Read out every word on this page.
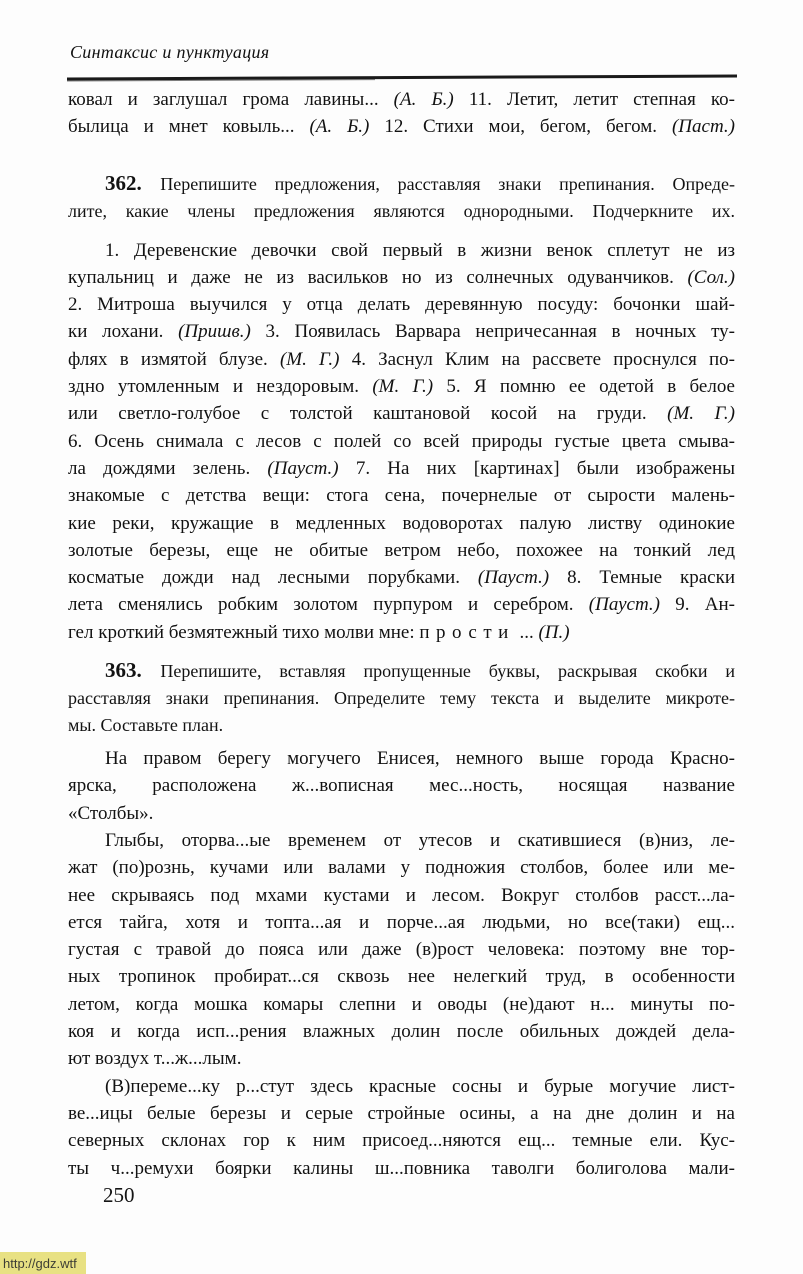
Синтаксис и пунктуация
ковал и заглушал грома лавины... (А. Б.) 11. Летит, летит степная ко-
былица и мнет ковыль... (А. Б.) 12. Стихи мои, бегом, бегом. (Паст.)
362. Перепишите предложения, расставляя знаки препинания. Опреде-
лите, какие члены предложения являются однородными. Подчеркните их.
1. Деревенские девочки свой первый в жизни венок сплетут не из
купальниц и даже не из васильков но из солнечных одуванчиков. (Сол.)
2. Митроша выучился у отца делать деревянную посуду: бочонки шай-
ки лохани. (Пришв.) 3. Появилась Варвара непричесанная в ночных ту-
флях в измятой блузе. (М. Г.) 4. Заснул Клим на рассвете проснулся по-
здно утомленным и нездоровым. (М. Г.) 5. Я помню ее одетой в белое
или светло-голубое с толстой каштановой косой на груди. (М. Г.)
6. Осень снимала с лесов с полей со всей природы густые цвета смыва-
ла дождями зелень. (Пауст.) 7. На них [картинах] были изображены
знакомые с детства вещи: стога сена, почернелые от сырости малень-
кие реки, кружащие в медленных водоворотах палую листву одинокие
золотые березы, еще не обитые ветром небо, похожее на тонкий лед
косматые дожди над лесными порубками. (Пауст.) 8. Темные краски
лета сменялись робким золотом пурпуром и серебром. (Пауст.) 9. Ан-
гел кроткий безмятежный тихо молви мне: прости ... (П.)
363. Перепишите, вставляя пропущенные буквы, раскрывая скобки и
расставляя знаки препинания. Определите тему текста и выделите микроте-
мы. Составьте план.
На правом берегу могучего Енисея, немного выше города Красно-
ярска, расположена ж...вописная мес...ность, носящая название
«Столбы».
Глыбы, оторва...ые временем от утесов и скатившиеся (в)низ, ле-
жат (по)рознь, кучами или валами у подножия столбов, более или ме-
нее скрываясь под мхами кустами и лесом. Вокруг столбов расст...ла-
ется тайга, хотя и топта...ая и порче...ая людьми, но все(таки) ещ...
густая с травой до пояса или даже (в)рост человека: поэтому вне тор-
ных тропинок пробират...ся сквозь нее нелегкий труд, в особенности
летом, когда мошка комары слепни и оводы (не)дают н... минуты по-
коя и когда исп...рения влажных долин после обильных дождей дела-
ют воздух т...ж...лым.
(В)переме...ку р...стут здесь красные сосны и бурые могучие лист-
ве...ицы белые березы и серые стройные осины, а на дне долин и на
северных склонах гор к ним присоед...няются ещ... темные ели. Кус-
ты ч...ремухи боярки калины ш...повника таволги болиголова мали-
250
http://gdz.wtf
